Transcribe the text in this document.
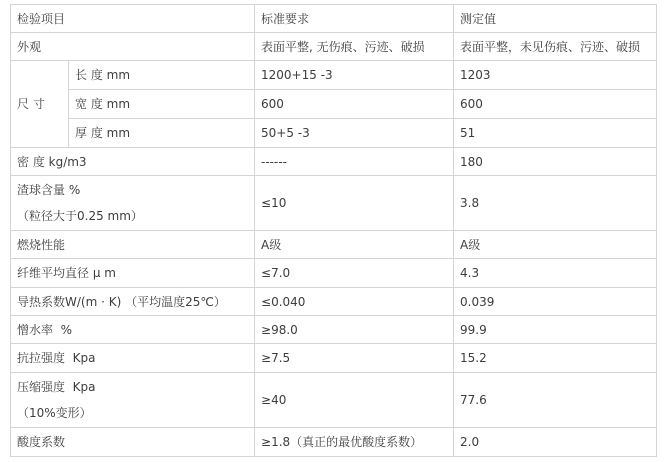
检验项目		标准要求	测定值
外观		表面平整, 无伤痕、污迹、破损	表面平整，未见伤痕、污迹、破损
尺 寸	长 度 mm	1200+15 -3	1203
	宽 度 mm	600	600
	厚 度 mm	50+5 -3	51
密 度 kg/m3		------	180
渣球含量 %
（粒径大于0.25 mm）		≤10	3.8
燃烧性能		A级	A级
纤维平均直径 μ m		≤7.0	4.3
导热系数W/(m · K) （平均温度25℃）		≤0.040	0.039
憎水率  %		≥98.0	99.9
抗拉强度  Kpa		≥7.5	15.2
压缩强度  Kpa
（10%变形）		≥40	77.6
酸度系数		≥1.8（真正的最优酸度系数）	2.0
